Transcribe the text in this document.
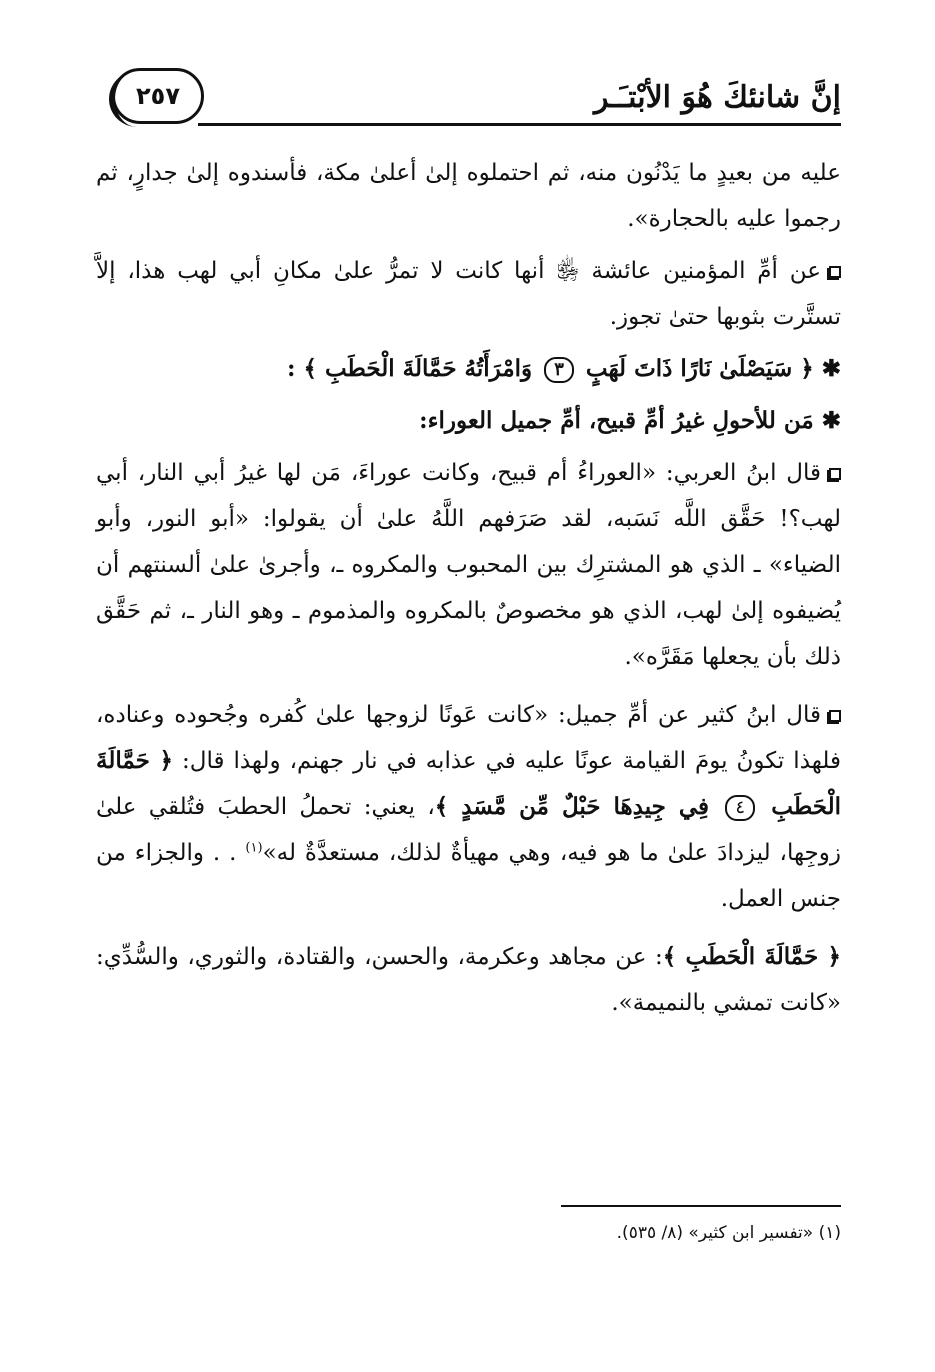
إنَّ شانئكَ هُوَ الأبْتـَـر
٢٥٧

عليه من بعيدٍ ما يَدْنُون منه، ثم احتملوه إلىٰ أعلىٰ مكة، فأسندوه إلىٰ جدارٍ، ثم رجموا عليه بالحجارة».

عن أمِّ المؤمنين عائشة ﵂ أنها كانت لا تمرُّ علىٰ مكانِ أبي لهب هذا، إلاَّ تستَّرت بثوبها حتىٰ تجوز.

✱﴿ سَيَصْلَىٰ نَارًا ذَاتَ لَهَبٍ ٣ وَامْرَأَتُهُ حَمَّالَةَ الْحَطَبِ ﴾ :

✱مَن للأحولِ غيرُ أمِّ قبيح، أمِّ جميل العوراء:

قال ابنُ العربي: «العوراءُ أم قبيح، وكانت عوراءَ، مَن لها غيرُ أبي النار، أبي لهب؟! حَقَّق اللَّه نَسَبه، لقد صَرَفهم اللَّهُ علىٰ أن يقولوا: «أبو النور، وأبو الضياء» ـ الذي هو المشترِك بين المحبوب والمكروه ـ، وأجرىٰ علىٰ ألسنتهم أن يُضيفوه إلىٰ لهب، الذي هو مخصوصٌ بالمكروه والمذموم ـ وهو النار ـ، ثم حَقَّق ذلك بأن يجعلها مَقَرَّه».

قال ابنُ كثير عن أمِّ جميل: «كانت عَونًا لزوجها علىٰ كُفره وجُحوده وعناده، فلهذا تكونُ يومَ القيامة عونًا عليه في عذابه في نار جهنم، ولهذا قال: ﴿ حَمَّالَةَ الْحَطَبِ ٤ فِي جِيدِهَا حَبْلٌ مِّن مَّسَدٍ ﴾، يعني: تحملُ الحطبَ فتُلقي علىٰ زوجِها، ليزدادَ علىٰ ما هو فيه، وهي مهيأةٌ لذلك، مستعدَّةٌ له»$^{(١)}$ . . والجزاء من جنس العمل.

﴿ حَمَّالَةَ الْحَطَبِ ﴾: عن مجاهد وعكرمة، والحسن، والقتادة، والثوري، والسُّدِّي: «كانت تمشي بالنميمة».

(١) «تفسير ابن كثير» (٨/ ٥٣٥).
